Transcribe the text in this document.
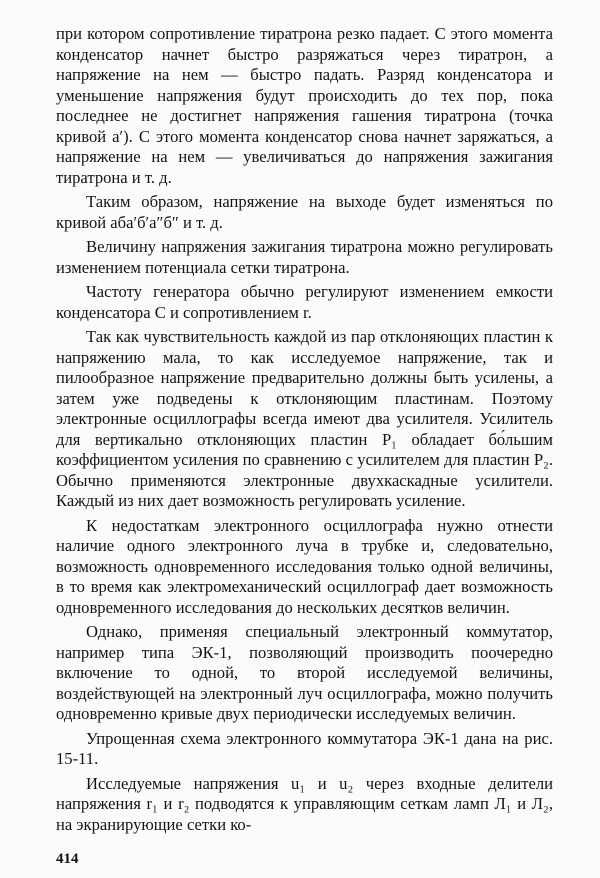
при котором сопротивление тиратрона резко падает. С этого момента конденсатор начнет быстро разряжаться через тиратрон, а напряжение на нем — быстро падать. Разряд конденсатора и уменьшение напряжения будут происходить до тех пор, пока последнее не достигнет напряжения гашения тиратрона (точка кривой а′). С этого момента конденсатор снова начнет заряжаться, а напряжение на нем — увеличиваться до напряжения зажигания тиратрона и т. д.

Таким образом, напряжение на выходе будет изменяться по кривой аба′б′а″б″ и т. д.

Величину напряжения зажигания тиратрона можно регулировать изменением потенциала сетки тиратрона.

Частоту генератора обычно регулируют изменением емкости конденсатора С и сопротивлением r.

Так как чувствительность каждой из пар отклоняющих пластин к напряжению мала, то как исследуемое напряжение, так и пилообразное напряжение предварительно должны быть усилены, а затем уже подведены к отклоняющим пластинам. Поэтому электронные осциллографы всегда имеют два усилителя. Усилитель для вертикально отклоняющих пластин P₁ обладает бо́льшим коэффициентом усиления по сравнению с усилителем для пластин P₂. Обычно применяются электронные двухкаскадные усилители. Каждый из них дает возможность регулировать усиление.

К недостаткам электронного осциллографа нужно отнести наличие одного электронного луча в трубке и, следовательно, возможность одновременного исследования только одной величины, в то время как электромеханический осциллограф дает возможность одновременного исследования до нескольких десятков величин.

Однако, применяя специальный электронный коммутатор, например типа ЭК-1, позволяющий производить поочередно включение то одной, то второй исследуемой величины, воздействующей на электронный луч осциллографа, можно получить одновременно кривые двух периодически исследуемых величин.

Упрощенная схема электронного коммутатора ЭК-1 дана на рис. 15-11.

Исследуемые напряжения u₁ и u₂ через входные делители напряжения r₁ и r₂ подводятся к управляющим сеткам ламп Л₁ и Л₂, на экранирующие сетки ко-

414
